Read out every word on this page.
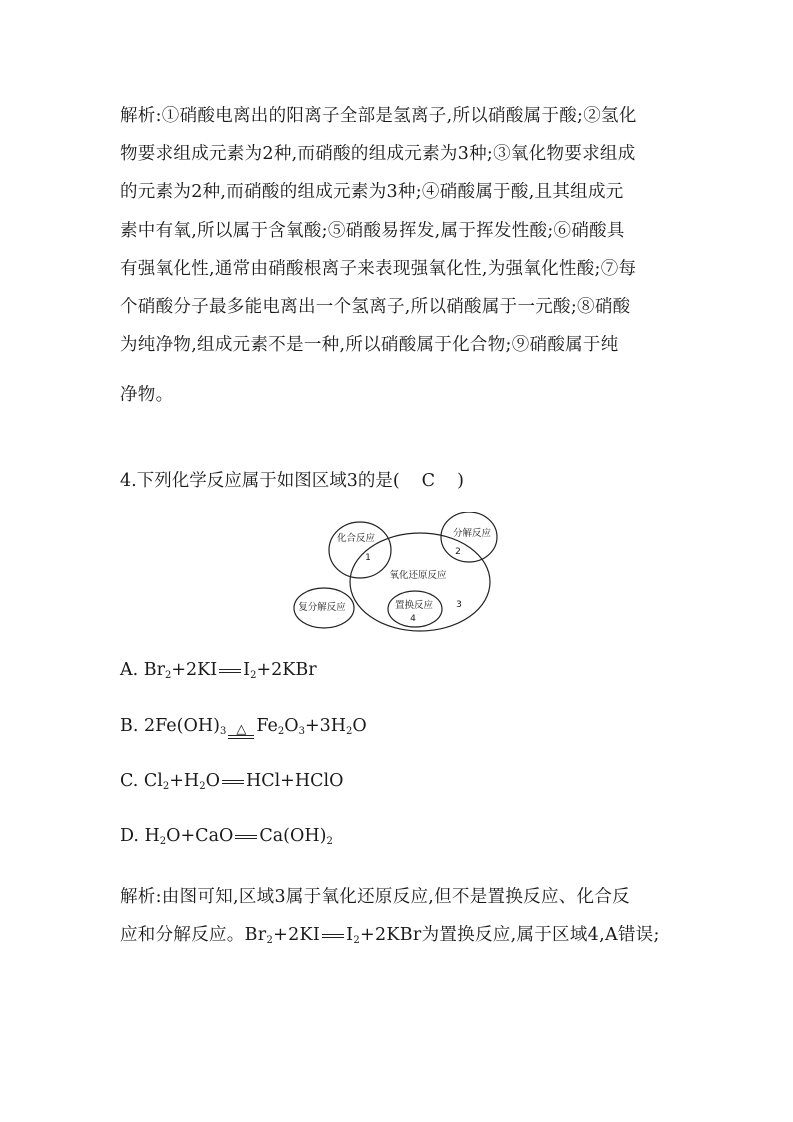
解析:①硝酸电离出的阳离子全部是氢离子,所以硝酸属于酸;②氢化
物要求组成元素为2种,而硝酸的组成元素为3种;③氧化物要求组成
的元素为2种,而硝酸的组成元素为3种;④硝酸属于酸,且其组成元
素中有氧,所以属于含氧酸;⑤硝酸易挥发,属于挥发性酸;⑥硝酸具
有强氧化性,通常由硝酸根离子来表现强氧化性,为强氧化性酸;⑦每
个硝酸分子最多能电离出一个氢离子,所以硝酸属于一元酸;⑧硝酸
为纯净物,组成元素不是一种,所以硝酸属于化合物;⑨硝酸属于纯
净物。

4.下列化学反应属于如图区域3的是( C )

化合反应
1
分解反应
2
氧化还原反应
复分解反应	置换反应
4
3

A. $Br_2+2KI$ $I_2+2KBr$

B. $2Fe(OH)_3$ △ $Fe_2O_3+3H_2O$

C. $Cl_2+H_2O$ HCl+HClO

D. $H_2O+CaO$ $Ca(OH)_2$

解析:由图可知,区域3属于氧化还原反应,但不是置换反应、化合反
应和分解反应。$Br_2+2KI$ $I_2+2KBr$为置换反应,属于区域4,A错误;
